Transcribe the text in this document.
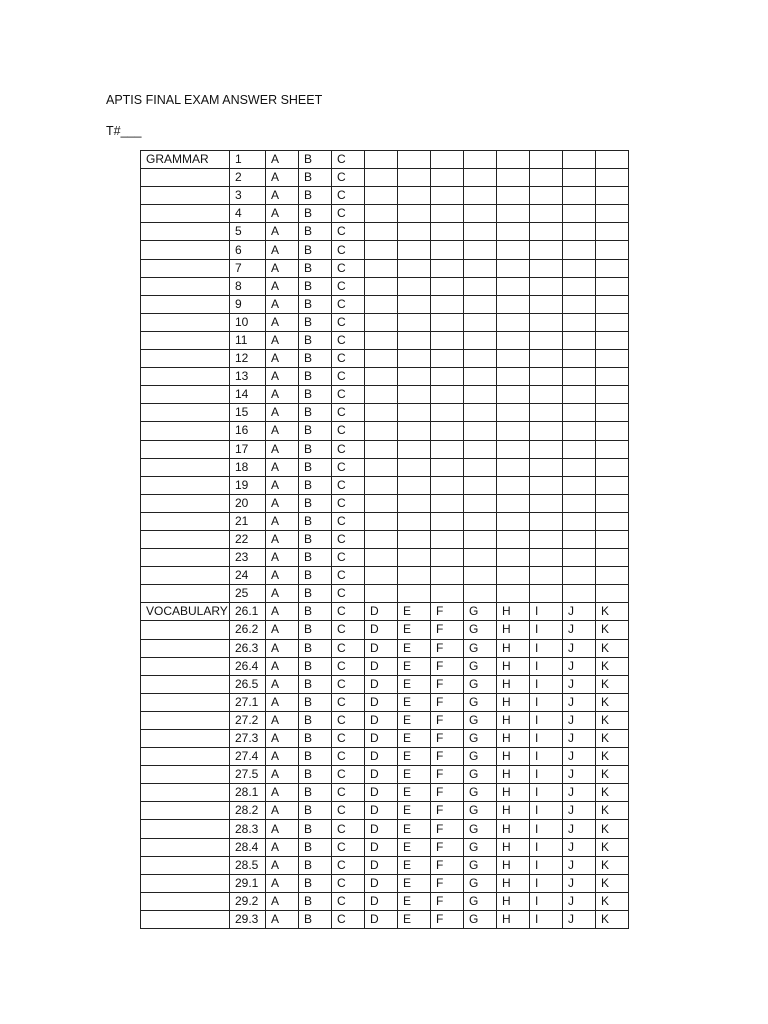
APTIS FINAL EXAM ANSWER SHEET
T#___
GRAMMAR	1	A	B	C								
	2	A	B	C								
	3	A	B	C								
	4	A	B	C								
	5	A	B	C								
	6	A	B	C								
	7	A	B	C								
	8	A	B	C								
	9	A	B	C								
	10	A	B	C								
	11	A	B	C								
	12	A	B	C								
	13	A	B	C								
	14	A	B	C								
	15	A	B	C								
	16	A	B	C								
	17	A	B	C								
	18	A	B	C								
	19	A	B	C								
	20	A	B	C								
	21	A	B	C								
	22	A	B	C								
	23	A	B	C								
	24	A	B	C								
	25	A	B	C								
VOCABULARY	26.1	A	B	C	D	E	F	G	H	I	J	K
	26.2	A	B	C	D	E	F	G	H	I	J	K
	26.3	A	B	C	D	E	F	G	H	I	J	K
	26.4	A	B	C	D	E	F	G	H	I	J	K
	26.5	A	B	C	D	E	F	G	H	I	J	K
	27.1	A	B	C	D	E	F	G	H	I	J	K
	27.2	A	B	C	D	E	F	G	H	I	J	K
	27.3	A	B	C	D	E	F	G	H	I	J	K
	27.4	A	B	C	D	E	F	G	H	I	J	K
	27.5	A	B	C	D	E	F	G	H	I	J	K
	28.1	A	B	C	D	E	F	G	H	I	J	K
	28.2	A	B	C	D	E	F	G	H	I	J	K
	28.3	A	B	C	D	E	F	G	H	I	J	K
	28.4	A	B	C	D	E	F	G	H	I	J	K
	28.5	A	B	C	D	E	F	G	H	I	J	K
	29.1	A	B	C	D	E	F	G	H	I	J	K
	29.2	A	B	C	D	E	F	G	H	I	J	K
	29.3	A	B	C	D	E	F	G	H	I	J	K
